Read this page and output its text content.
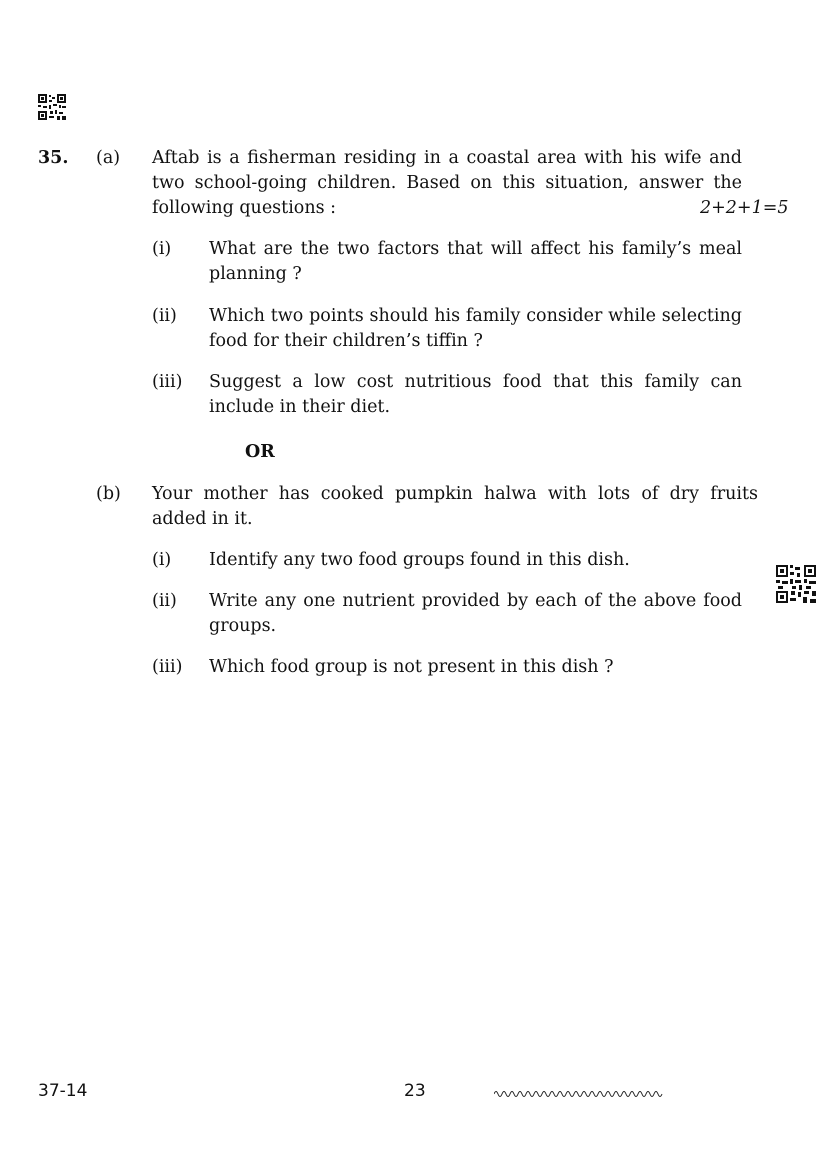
35. (a) Aftab is a fisherman residing in a coastal area with his wife and two school-going children. Based on this situation, answer the following questions :	2+2+1=5
(i) What are the two factors that will affect his family’s meal planning ?
(ii) Which two points should his family consider while selecting food for their children’s tiffin ?
(iii) Suggest a low cost nutritious food that this family can include in their diet.
OR
(b) Your mother has cooked pumpkin halwa with lots of dry fruits added in it.
(i) Identify any two food groups found in this dish.
(ii) Write any one nutrient provided by each of the above food groups.
(iii) Which food group is not present in this dish ?
37-14	23
